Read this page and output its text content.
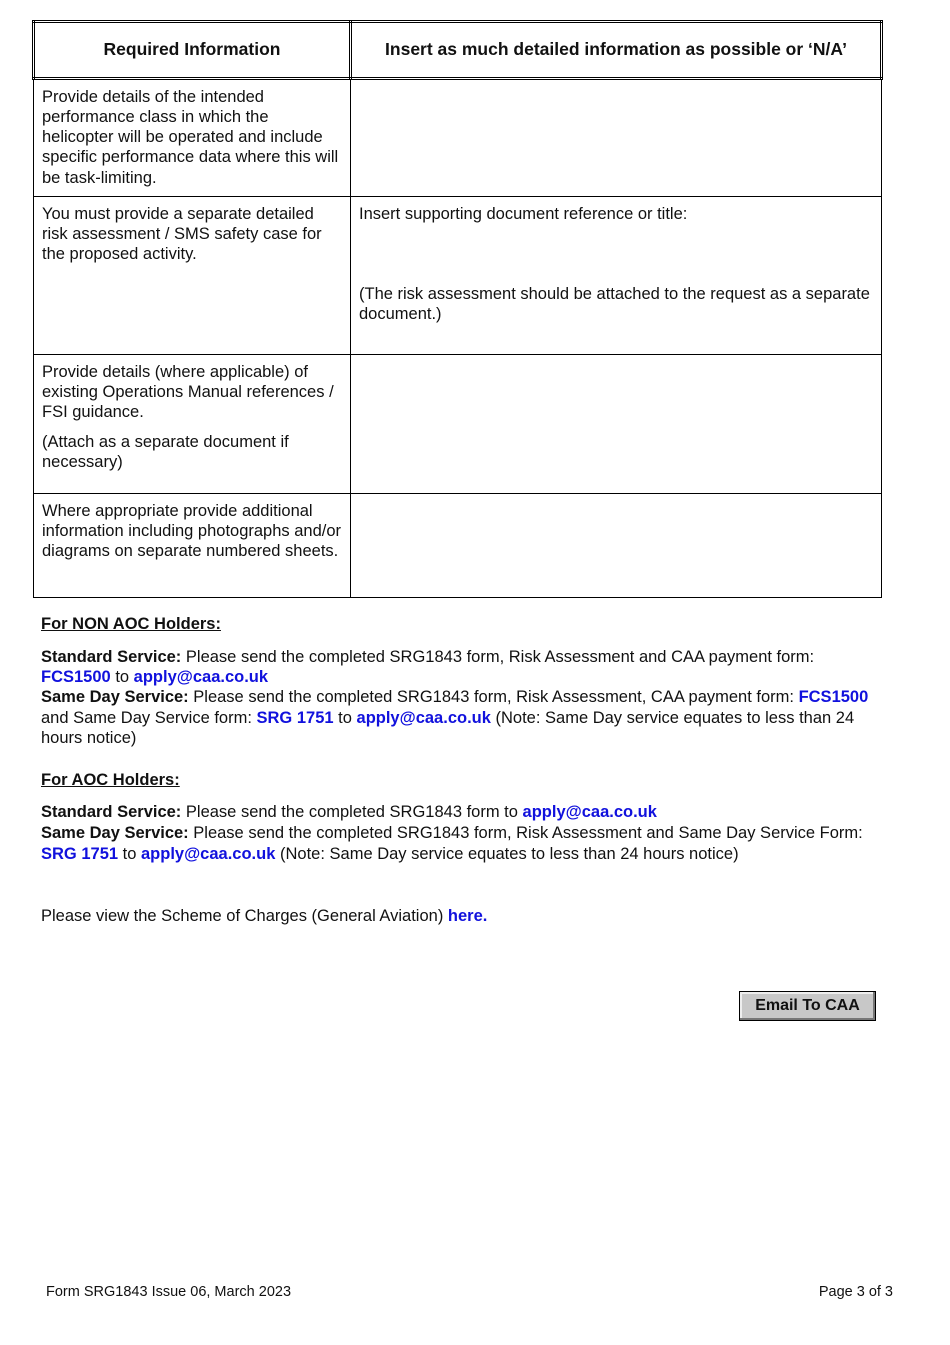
Required Information	Insert as much detailed information as possible or ‘N/A’
Provide details of the intended performance class in which the helicopter will be operated and include specific performance data where this will be task-limiting.	
You must provide a separate detailed risk assessment / SMS safety case for the proposed activity.	Insert supporting document reference or title:
(The risk assessment should be attached to the request as a separate document.)

Provide details (where applicable) of existing Operations Manual references / FSI guidance.
(Attach as a separate document if necessary)	

Where appropriate provide additional information including photographs and/or diagrams on separate numbered sheets.	
For NON AOC Holders:
Standard Service: Please send the completed SRG1843 form, Risk Assessment and CAA payment form: FCS1500 to apply@caa.co.uk
Same Day Service: Please send the completed SRG1843 form, Risk Assessment, CAA payment form: FCS1500 and Same Day Service form: SRG 1751 to apply@caa.co.uk (Note: Same Day service equates to less than 24 hours notice)
For AOC Holders:
Standard Service: Please send the completed SRG1843 form to apply@caa.co.uk
Same Day Service: Please send the completed SRG1843 form, Risk Assessment and Same Day Service Form: SRG 1751 to apply@caa.co.uk (Note: Same Day service equates to less than 24 hours notice)
Please view the Scheme of Charges (General Aviation) here.
Email To CAA
Form SRG1843 Issue 06, March 2023	Page 3 of 3
